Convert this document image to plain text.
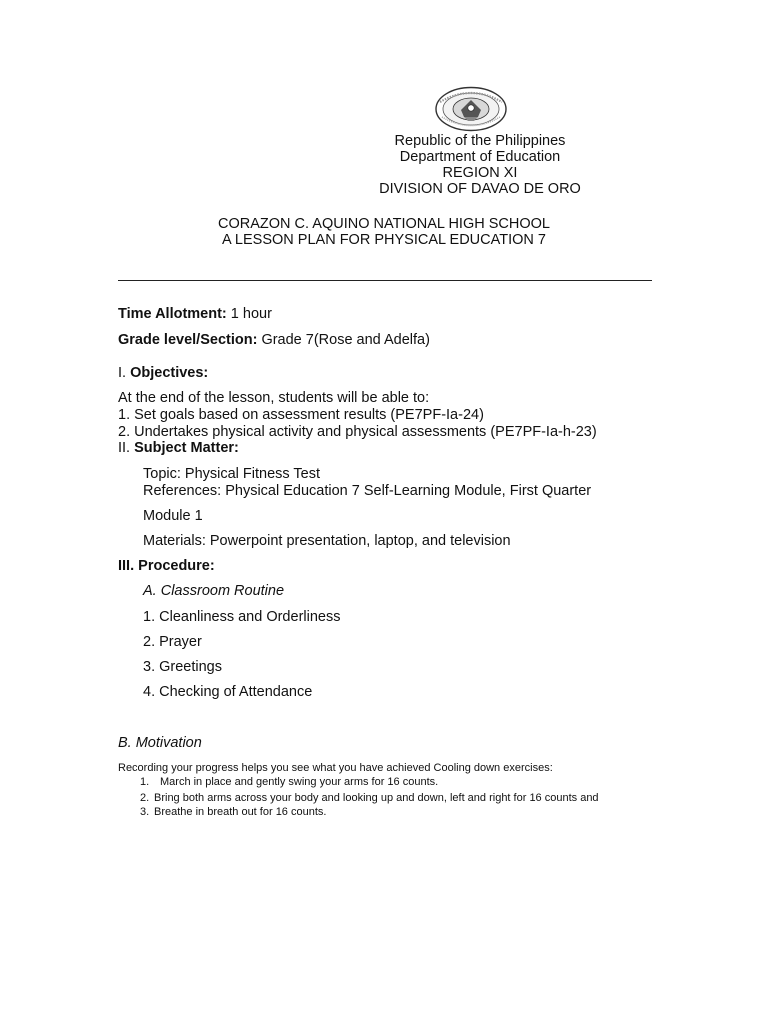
Republic of the Philippines
Department of Education
REGION XI
DIVISION OF DAVAO DE ORO
CORAZON C. AQUINO NATIONAL HIGH SCHOOL
A LESSON PLAN FOR PHYSICAL EDUCATION 7
Time Allotment: 1 hour
Grade level/Section: Grade 7(Rose and Adelfa)
I. Objectives:
At the end of the lesson, students will be able to:
1. Set goals based on assessment results (PE7PF-Ia-24)
2. Undertakes physical activity and physical assessments (PE7PF-Ia-h-23)
II. Subject Matter:
Topic: Physical Fitness Test
References: Physical Education 7 Self-Learning Module, First Quarter
Module 1
Materials: Powerpoint presentation, laptop, and television
III. Procedure:
A. Classroom Routine
1. Cleanliness and Orderliness
2. Prayer
3. Greetings
4. Checking of Attendance
B. Motivation
Recording your progress helps you see what you have achieved Cooling down exercises:
1. March in place and gently swing your arms for 16 counts.
2. Bring both arms across your body and looking up and down, left and right for 16 counts and
3. Breathe in breath out for 16 counts.
